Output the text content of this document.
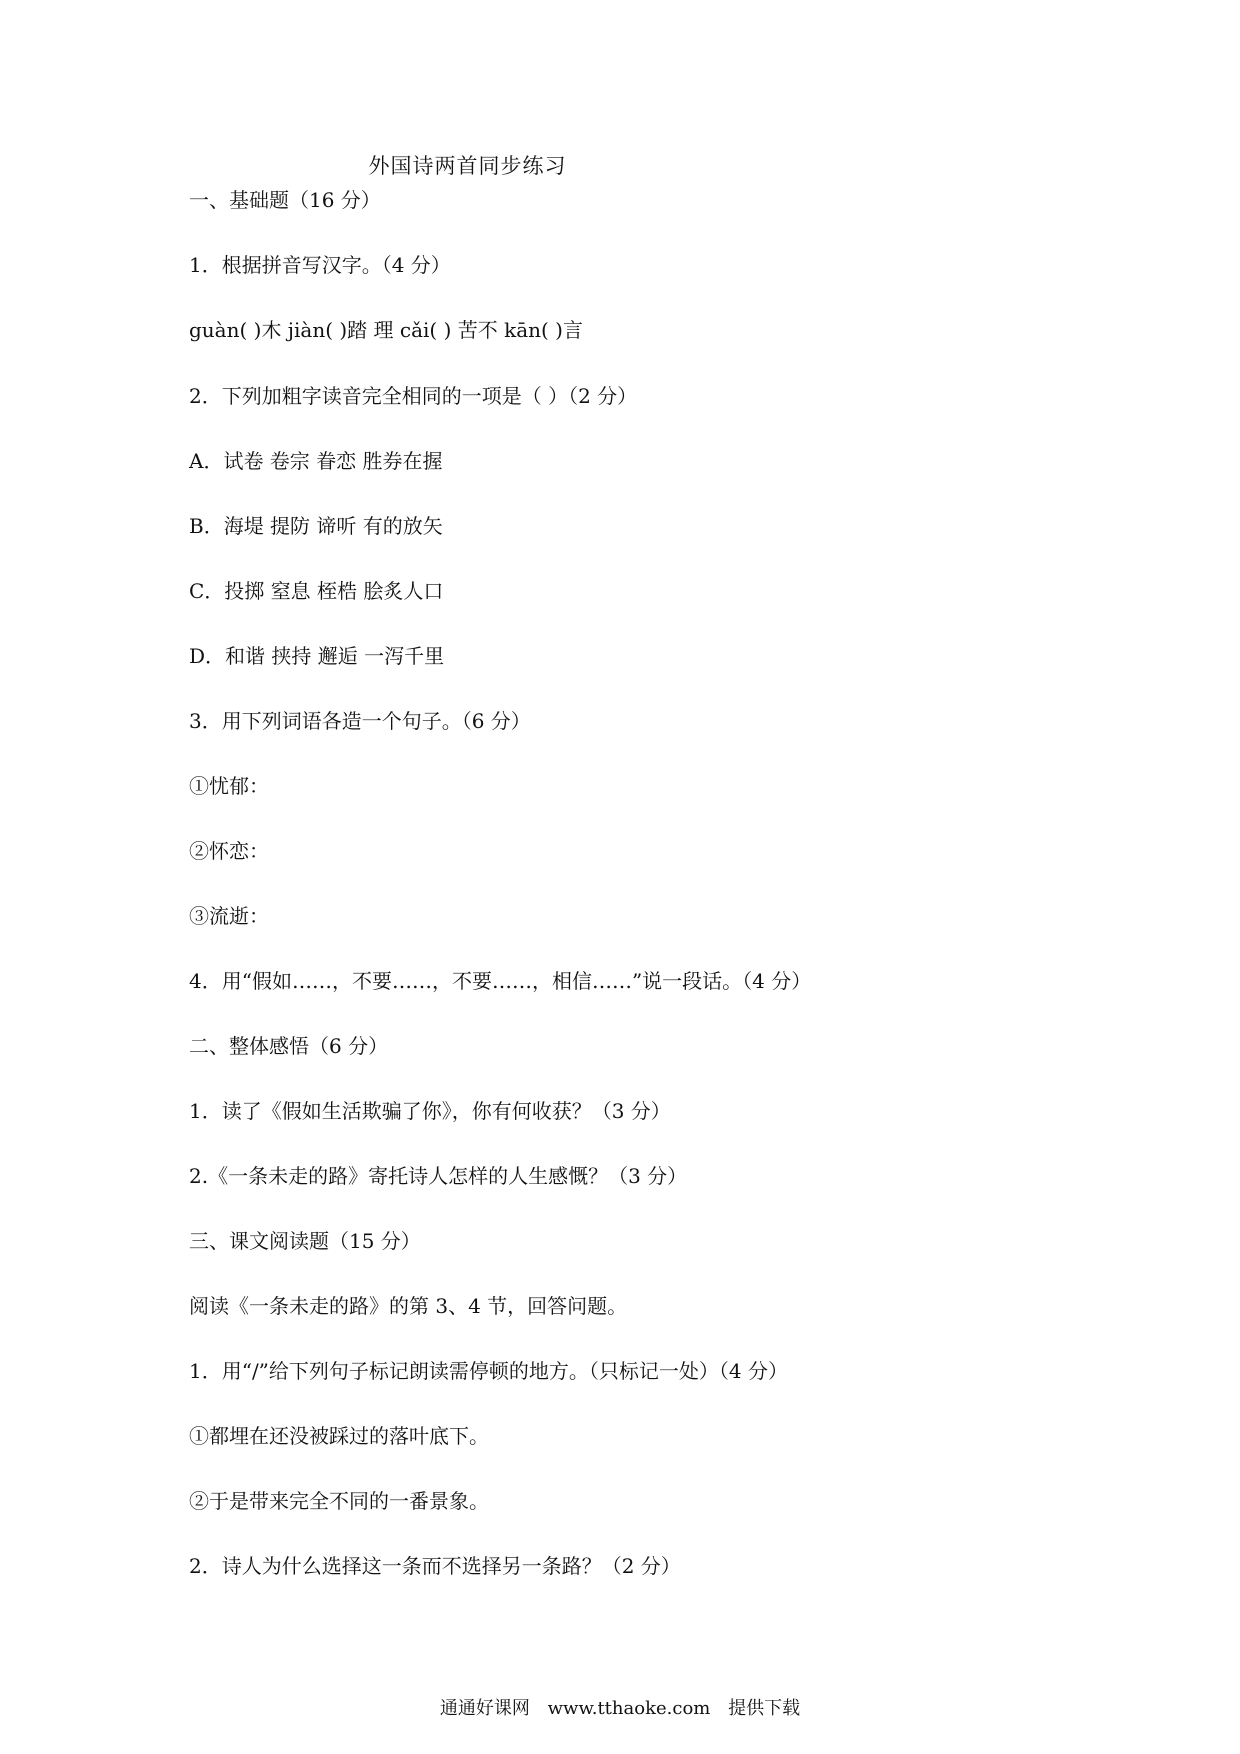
外国诗两首同步练习
一、基础题（16 分）
1．根据拼音写汉字。（4 分）
guàn( )木 jiàn( )踏 理 cǎi( ) 苦不 kān( )言
2．下列加粗字读音完全相同的一项是（ ）（2 分）
A．试卷 卷宗 眷恋 胜券在握
B．海堤 提防 谛听 有的放矢
C．投掷 窒息 桎梏 脍炙人口
D．和谐 挟持 邂逅 一泻千里
3．用下列词语各造一个句子。（6 分）
①忧郁：
②怀恋：
③流逝：
4．用“假如……，不要……，不要……，相信……”说一段话。（4 分）
二、整体感悟（6 分）
1．读了《假如生活欺骗了你》，你有何收获？（3 分）
2.《一条未走的路》寄托诗人怎样的人生感慨？（3 分）
三、课文阅读题（15 分）
阅读《一条未走的路》的第 3、4 节，回答问题。
1．用“/”给下列句子标记朗读需停顿的地方。（只标记一处）（4 分）
①都埋在还没被踩过的落叶底下。
②于是带来完全不同的一番景象。
2．诗人为什么选择这一条而不选择另一条路？（2 分）
通通好课网 www.tthaoke.com 提供下载
